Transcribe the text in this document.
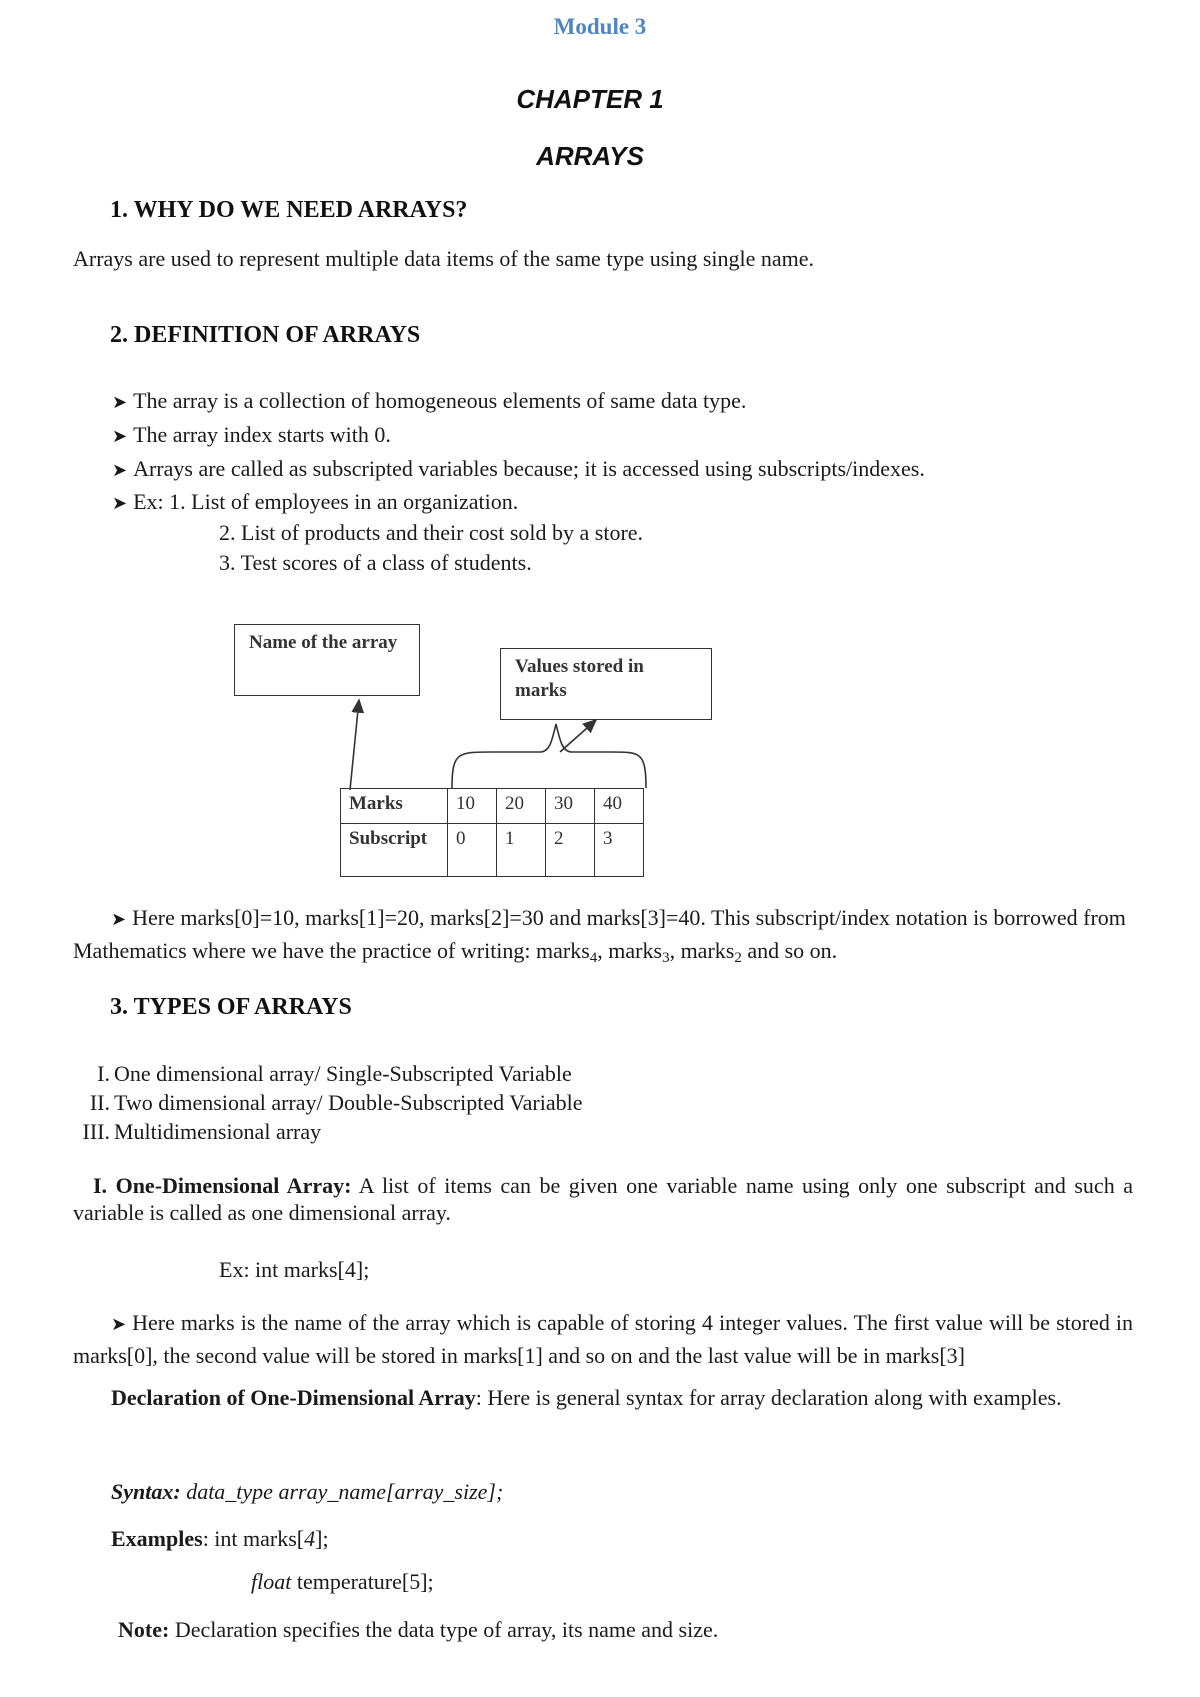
Module 3
CHAPTER 1
ARRAYS
1. WHY DO WE NEED ARRAYS?
Arrays are used to represent multiple data items of the same type using single name.
2. DEFINITION OF ARRAYS
➤ The array is a collection of homogeneous elements of same data type.
➤ The array index starts with 0.
➤ Arrays are called as subscripted variables because; it is accessed using subscripts/indexes.
➤ Ex: 1. List of employees in an organization.
2. List of products and their cost sold by a store.
3. Test scores of a class of students.
Name of the array
Values stored in marks
Marks	10	20	30	40
Subscript	0	1	2	3
➤ Here marks[0]=10, marks[1]=20, marks[2]=30 and marks[3]=40. This subscript/index notation is borrowed from Mathematics where we have the practice of writing: marks$_4$, marks$_3$, marks$_2$ and so on.
3. TYPES OF ARRAYS
I. One dimensional array/ Single-Subscripted Variable
II. Two dimensional array/ Double-Subscripted Variable
III. Multidimensional array
I. One-Dimensional Array: A list of items can be given one variable name using only one subscript and such a variable is called as one dimensional array.
Ex: int marks[4];
➤ Here marks is the name of the array which is capable of storing 4 integer values. The first value will be stored in marks[0], the second value will be stored in marks[1] and so on and the last value will be in marks[3]
Declaration of One-Dimensional Array: Here is general syntax for array declaration along with examples.
Syntax: data_type array_name[array_size];
Examples: int marks[4];
float temperature[5];
Note: Declaration specifies the data type of array, its name and size.
